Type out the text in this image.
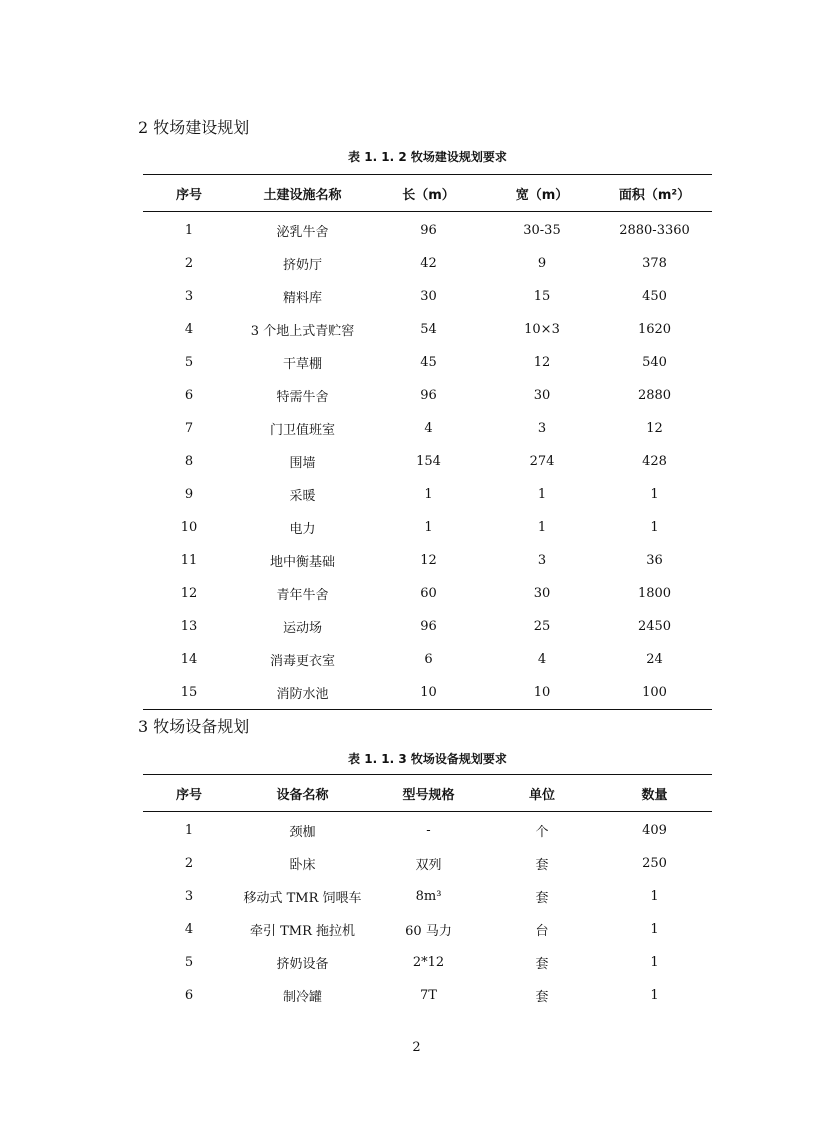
2 牧场建设规划

表 1. 1. 2 牧场建设规划要求

序号	土建设施名称	长（m）	宽（m）	面积（m²）
1	泌乳牛舍	96	30-35	2880-3360
2	挤奶厅	42	9	378
3	精料库	30	15	450
4	3 个地上式青贮窖	54	10×3	1620
5	干草棚	45	12	540
6	特需牛舍	96	30	2880
7	门卫值班室	4	3	12
8	围墙	154	274	428
9	采暖	1	1	1
10	电力	1	1	1
11	地中衡基础	12	3	36
12	青年牛舍	60	30	1800
13	运动场	96	25	2450
14	消毒更衣室	6	4	24
15	消防水池	10	10	100
3 牧场设备规划

表 1. 1. 3 牧场设备规划要求

序号	设备名称	型号规格	单位	数量
1	颈枷	-	个	409
2	卧床	双列	套	250
3	移动式 TMR 饲喂车	8m³	套	1
4	牵引 TMR 拖拉机	60 马力	台	1
5	挤奶设备	2*12	套	1
6	制冷罐	7T	套	1

2
